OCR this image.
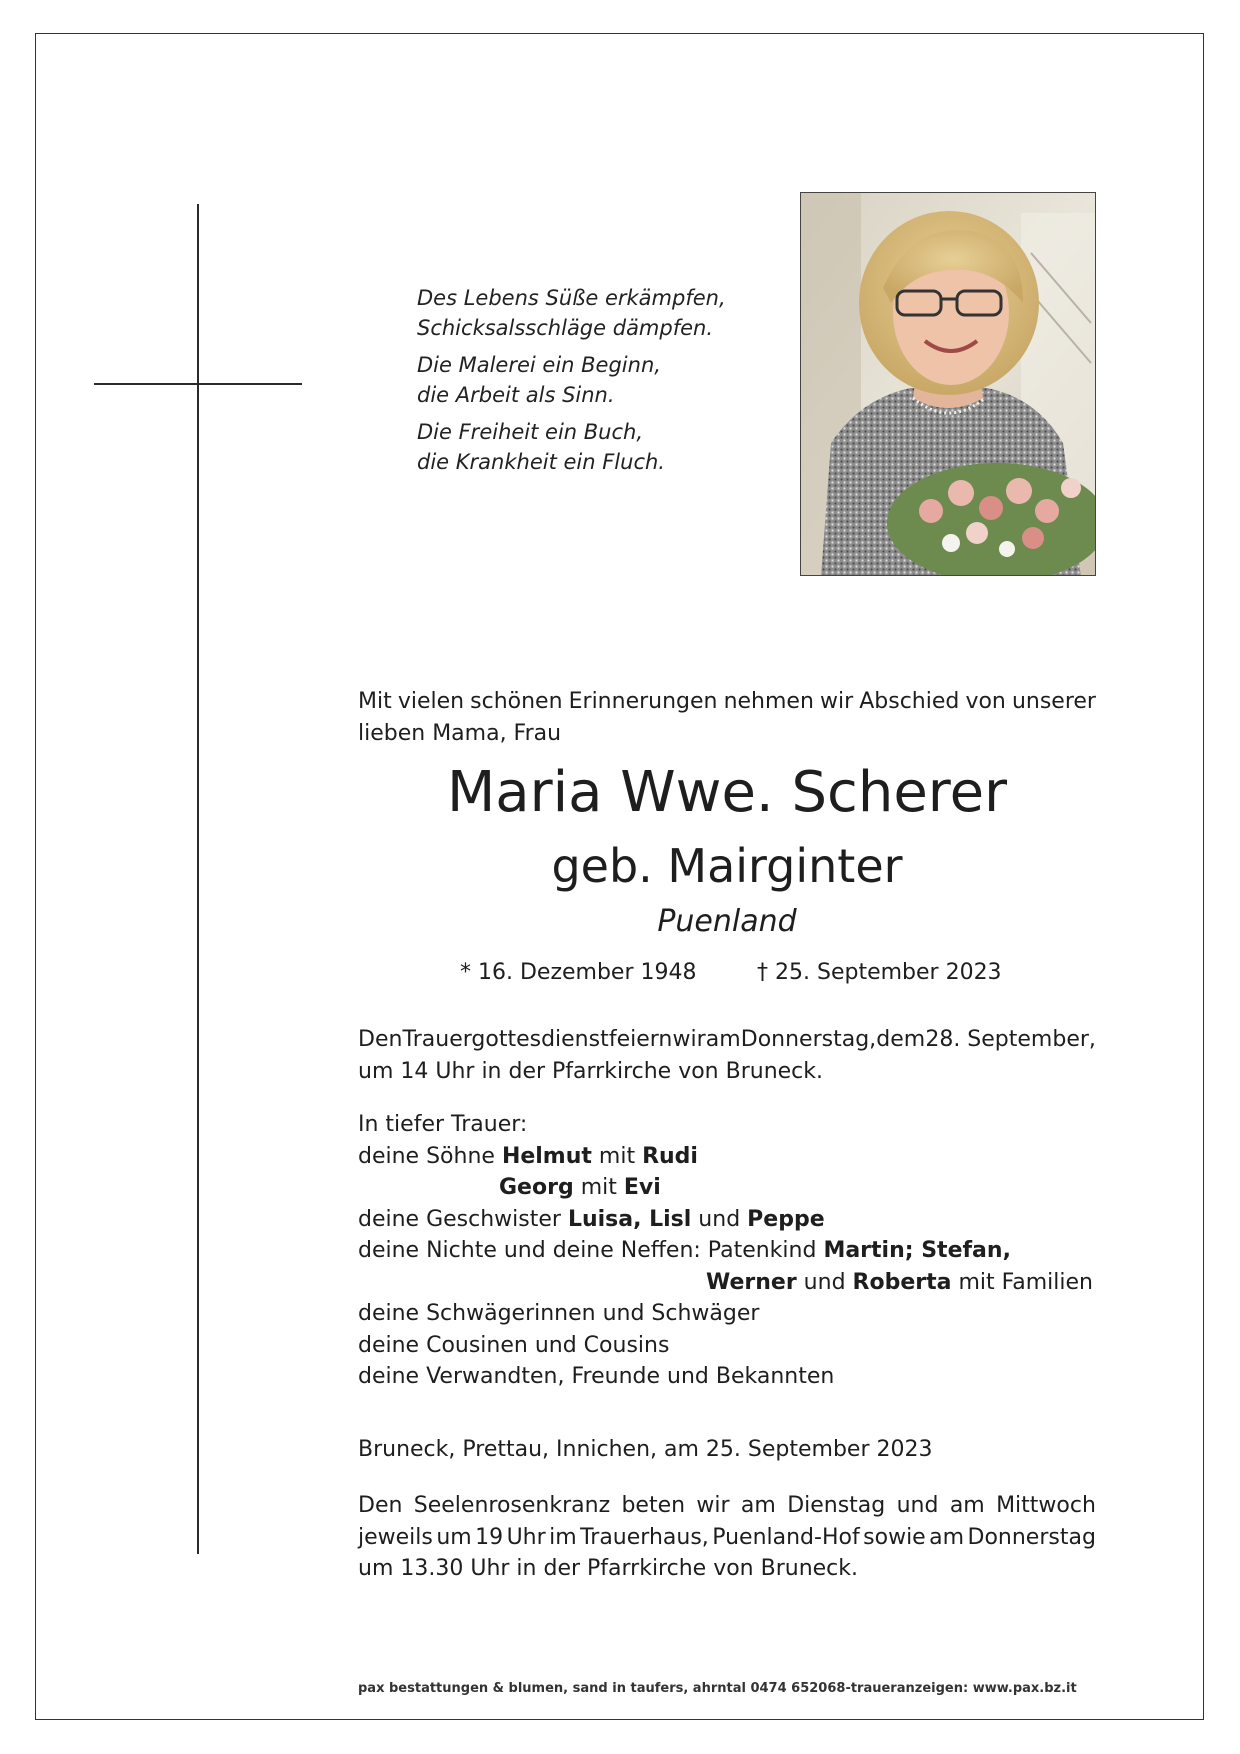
Des Lebens Süße erkämpfen,
Schicksalsschläge dämpfen.
Die Malerei ein Beginn,
die Arbeit als Sinn.
Die Freiheit ein Buch,
die Krankheit ein Fluch.
Mit vielen schönen Erinnerungen nehmen wir Abschied von unserer
lieben Mama, Frau
Maria Wwe. Scherer
geb. Mairginter
Puenland
* 16. Dezember 1948	† 25. September 2023
Den Trauergottesdienst feiern wir am Donnerstag, dem 28. September,
um 14 Uhr in der Pfarrkirche von Bruneck.
In tiefer Trauer:
deine Söhne Helmut mit Rudi
Georg mit Evi
deine Geschwister Luisa, Lisl und Peppe
deine Nichte und deine Neffen: Patenkind Martin; Stefan,
Werner und Roberta mit Familien
deine Schwägerinnen und Schwäger
deine Cousinen und Cousins
deine Verwandten, Freunde und Bekannten
Bruneck, Prettau, Innichen, am 25. September 2023
Den Seelenrosenkranz beten wir am Dienstag und am Mittwoch
jeweils um 19 Uhr im Trauerhaus, Puenland-Hof sowie am Donnerstag
um 13.30 Uhr in der Pfarrkirche von Bruneck.
pax bestattungen & blumen, sand in taufers, ahrntal 0474 652068-traueranzeigen: www.pax.bz.it
